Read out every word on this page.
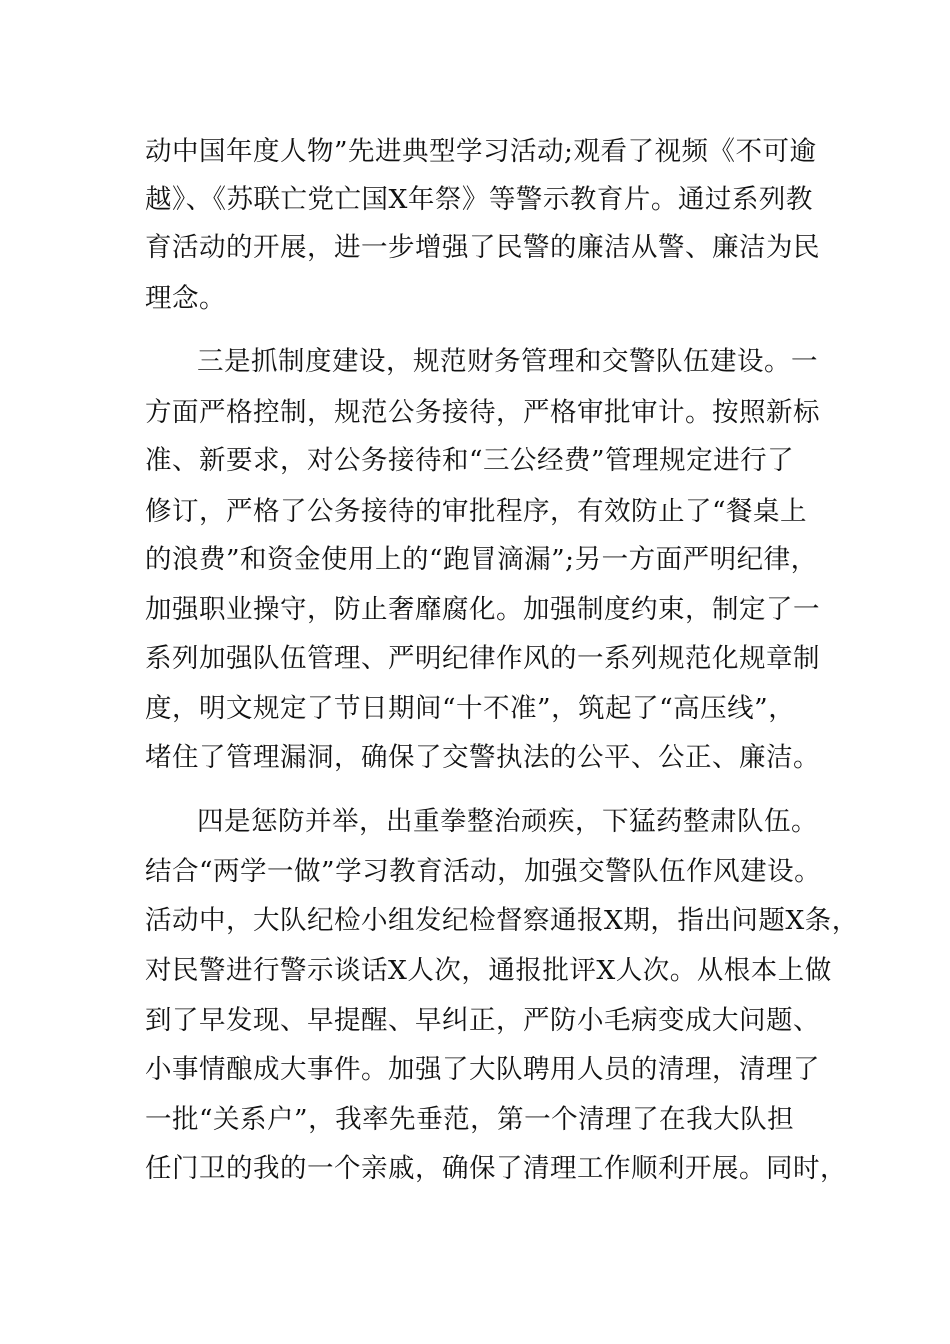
动中国年度人物”先进典型学习活动;观看了视频《不可逾
越》、《苏联亡党亡国X年祭》等警示教育片。通过系列教
育活动的开展，进一步增强了民警的廉洁从警、廉洁为民
理念。
三是抓制度建设，规范财务管理和交警队伍建设。一
方面严格控制，规范公务接待，严格审批审计。按照新标
准、新要求，对公务接待和“三公经费”管理规定进行了
修订，严格了公务接待的审批程序，有效防止了“餐桌上
的浪费”和资金使用上的“跑冒滴漏”;另一方面严明纪律，
加强职业操守，防止奢靡腐化。加强制度约束，制定了一
系列加强队伍管理、严明纪律作风的一系列规范化规章制
度，明文规定了节日期间“十不准”，筑起了“高压线”，
堵住了管理漏洞，确保了交警执法的公平、公正、廉洁。
四是惩防并举，出重拳整治顽疾，下猛药整肃队伍。
结合“两学一做”学习教育活动，加强交警队伍作风建设。
活动中，大队纪检小组发纪检督察通报X期，指出问题X条，
对民警进行警示谈话X人次，通报批评X人次。从根本上做
到了早发现、早提醒、早纠正，严防小毛病变成大问题、
小事情酿成大事件。加强了大队聘用人员的清理，清理了
一批“关系户”，我率先垂范，第一个清理了在我大队担
任门卫的我的一个亲戚，确保了清理工作顺利开展。同时，
